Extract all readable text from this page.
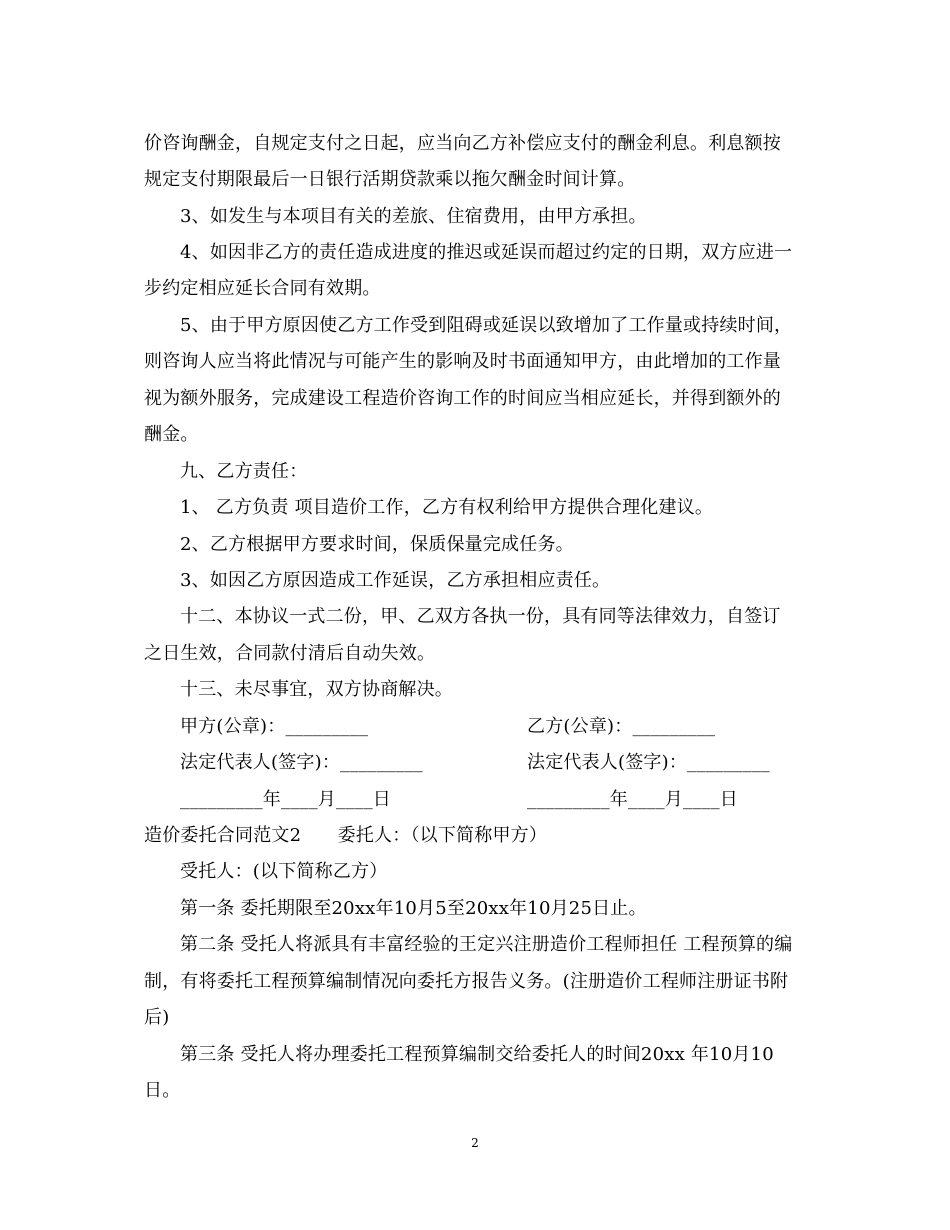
价咨询酬金，自规定支付之日起，应当向乙方补偿应支付的酬金利息。利息额按
规定支付期限最后一日银行活期贷款乘以拖欠酬金时间计算。
3、如发生与本项目有关的差旅、住宿费用，由甲方承担。
4、如因非乙方的责任造成进度的推迟或延误而超过约定的日期，双方应进一
步约定相应延长合同有效期。
5、由于甲方原因使乙方工作受到阻碍或延误以致增加了工作量或持续时间，
则咨询人应当将此情况与可能产生的影响及时书面通知甲方，由此增加的工作量
视为额外服务，完成建设工程造价咨询工作的时间应当相应延长，并得到额外的
酬金。
九、乙方责任：
1、 乙方负责 项目造价工作，乙方有权利给甲方提供合理化建议。
2、乙方根据甲方要求时间，保质保量完成任务。
3、如因乙方原因造成工作延误，乙方承担相应责任。
十二、本协议一式二份，甲、乙双方各执一份，具有同等法律效力，自签订
之日生效，合同款付清后自动失效。
十三、未尽事宜，双方协商解决。
甲方(公章)：_________	乙方(公章)：_________
法定代表人(签字)：_________	法定代表人(签字)：_________
_________年____月____日	_________年____月____日
造价委托合同范文2　　委托人：（以下简称甲方）
受托人：(以下简称乙方）
第一条 委托期限至20xx年10月5至20xx年10月25日止。
第二条 受托人将派具有丰富经验的王定兴注册造价工程师担任 工程预算的编
制，有将委托工程预算编制情况向委托方报告义务。(注册造价工程师注册证书附
后)
第三条 受托人将办理委托工程预算编制交给委托人的时间20xx 年10月10
日。
2
